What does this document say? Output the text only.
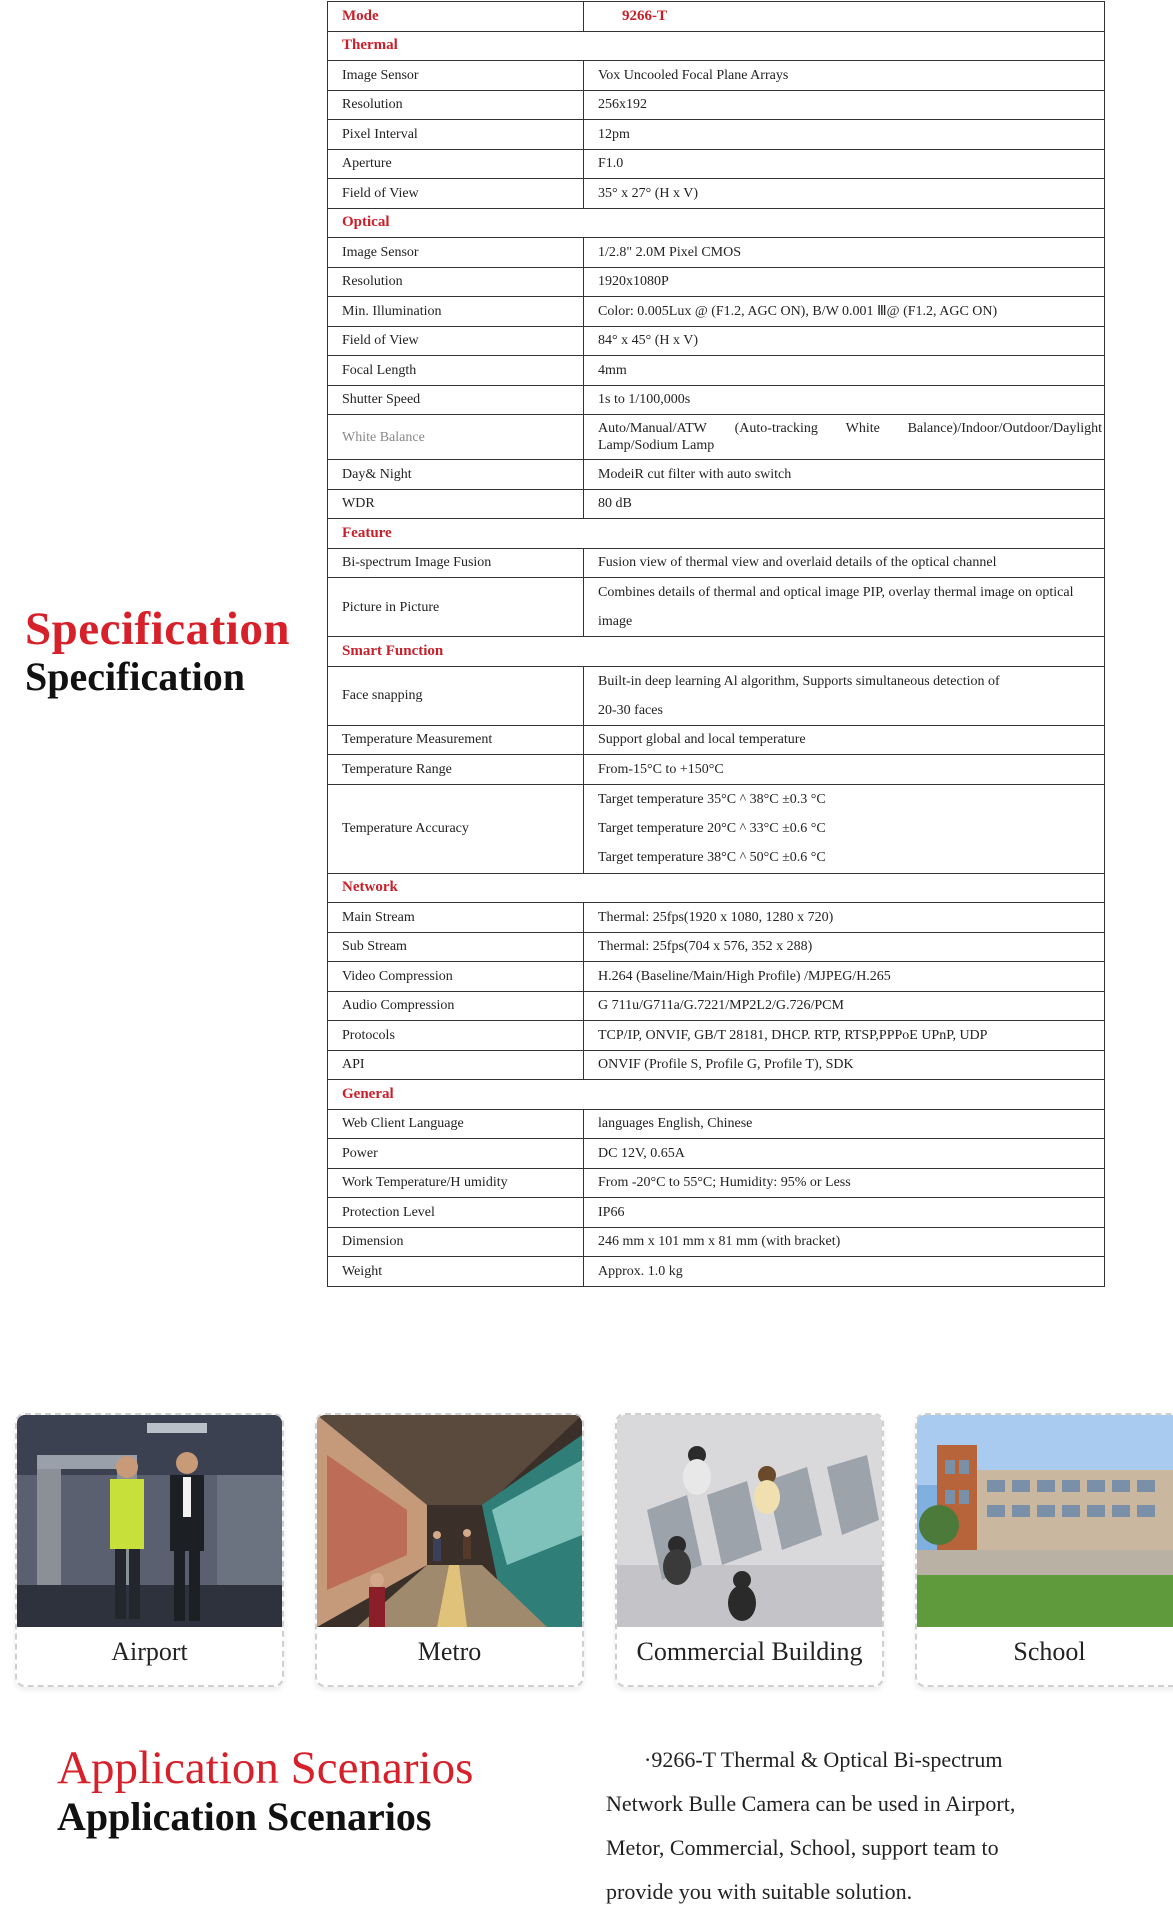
Specification
Specification
Mode	9266-T
Thermal	
Image Sensor	Vox Uncooled Focal Plane Arrays
Resolution	256x192
Pixel Interval	12pm
Aperture	F1.0
Field of View	35° x 27° (H x V)
Optical	
Image Sensor	1/2.8" 2.0M Pixel CMOS
Resolution	1920x1080P
Min. Illumination	Color: 0.005Lux @ (F1.2, AGC ON), B/W 0.001 Ⅲ@ (F1.2, AGC ON)
Field of View	84° x 45° (H x V)
Focal Length	4mm
Shutter Speed	1s to 1/100,000s
White Balance	Auto/Manual/ATW (Auto-tracking White Balance)/Indoor/Outdoor/Daylight
Lamp/Sodium Lamp

Day& Night	ModeiR cut filter with auto switch
WDR	80 dB
Feature	
Bi-spectrum Image Fusion	Fusion view of thermal view and overlaid details of the optical channel
Picture in Picture	Combines details of thermal and optical image PIP, overlay thermal image on optical
image

Smart Function	
Face snapping	Built-in deep learning Al algorithm, Supports simultaneous detection of
20-30 faces

Temperature Measurement	Support global and local temperature
Temperature Range	From-15°C to +150°C
Temperature Accuracy	Target temperature 35°C ^ 38°C ±0.3 °C
Target temperature 20°C ^ 33°C ±0.6 °C
Target temperature 38°C ^ 50°C ±0.6 °C

Network	
Main Stream	Thermal: 25fps(1920 x 1080, 1280 x 720)
Sub Stream	Thermal: 25fps(704 x 576, 352 x 288)
Video Compression	H.264 (Baseline/Main/High Profile) /MJPEG/H.265
Audio Compression	G 711u/G711a/G.7221/MP2L2/G.726/PCM
Protocols	TCP/IP, ONVIF, GB/T 28181, DHCP. RTP, RTSP,PPPoE UPnP, UDP
API	ONVIF (Profile S, Profile G, Profile T), SDK
General	
Web Client Language	languages English, Chinese
Power	DC 12V, 0.65A
Work Temperature/H umidity	From -20°C to 55°C; Humidity: 95% or Less
Protection Level	IP66
Dimension	246 mm x 101 mm x 81 mm (with bracket)
Weight	Approx. 1.0 kg
Airport	Metro	Commercial Building	School
Application Scenarios
Application Scenarios
·9266-T Thermal & Optical Bi-spectrum
Network Bulle Camera can be used in Airport,
Metor, Commercial, School, support team to
provide you with suitable solution.
